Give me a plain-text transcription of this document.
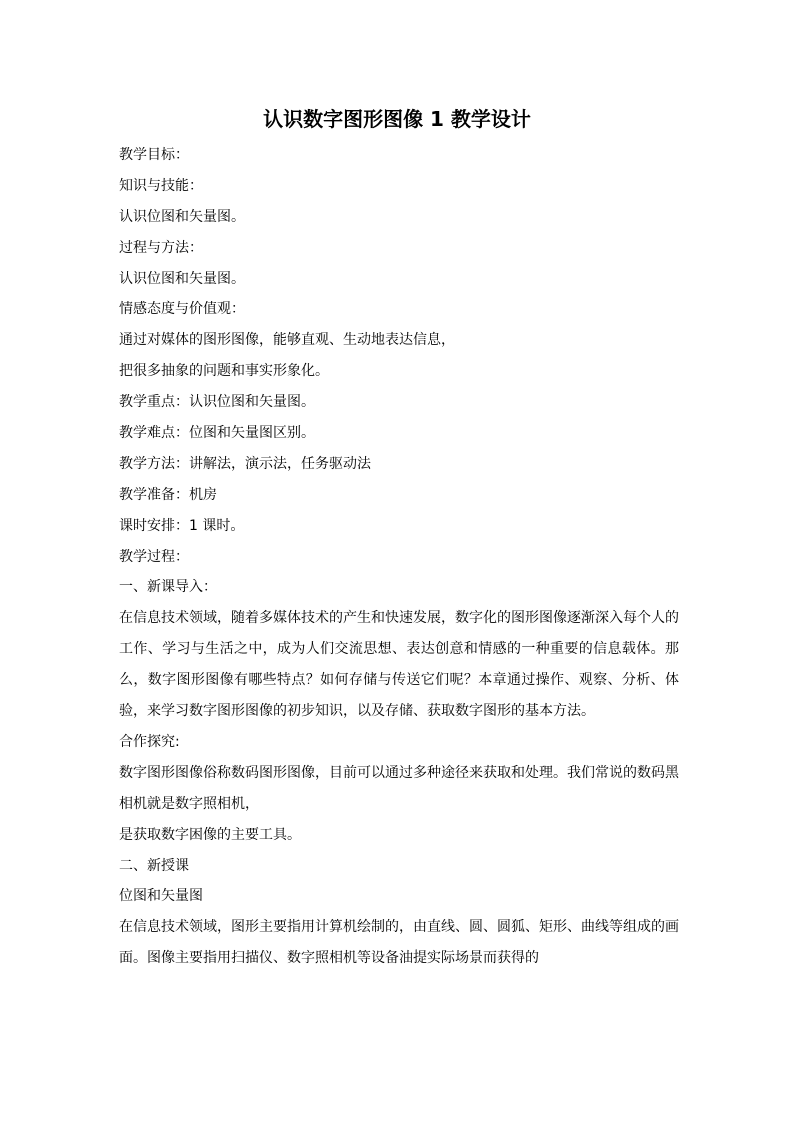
认识数字图形图像 1 教学设计

教学目标：

知识与技能：

认识位图和矢量图。

过程与方法：

认识位图和矢量图。

情感态度与价值观：

通过对媒体的图形图像，能够直观、生动地表达信息，

把很多抽象的问题和事实形象化。

教学重点：认识位图和矢量图。

教学难点：位图和矢量图区别。

教学方法：讲解法，演示法，任务驱动法

教学准备：机房

课时安排：1 课时。

教学过程：

一、新课导入：

在信息技术领域，随着多媒体技术的产生和快速发展，数字化的图形图像逐渐深入每个人的工作、学习与生活之中，成为人们交流思想、表达创意和情感的一种重要的信息载体。那么，数字图形图像有哪些特点？如何存储与传送它们呢？本章通过操作、观察、分析、体验，来学习数字图形图像的初步知识，以及存储、获取数字图形的基本方法。

合作探究:

数字图形图像俗称数码图形图像，目前可以通过多种途径来获取和处理。我们常说的数码黑相机就是数字照相机，

是获取数字困像的主要工具。

二、新授课

位图和矢量图

在信息技术领域，图形主要指用计算机绘制的，由直线、圆、圆狐、矩形、曲线等组成的画面。图像主要指用扫描仪、数字照相机等设备油提实际场景而获得的
